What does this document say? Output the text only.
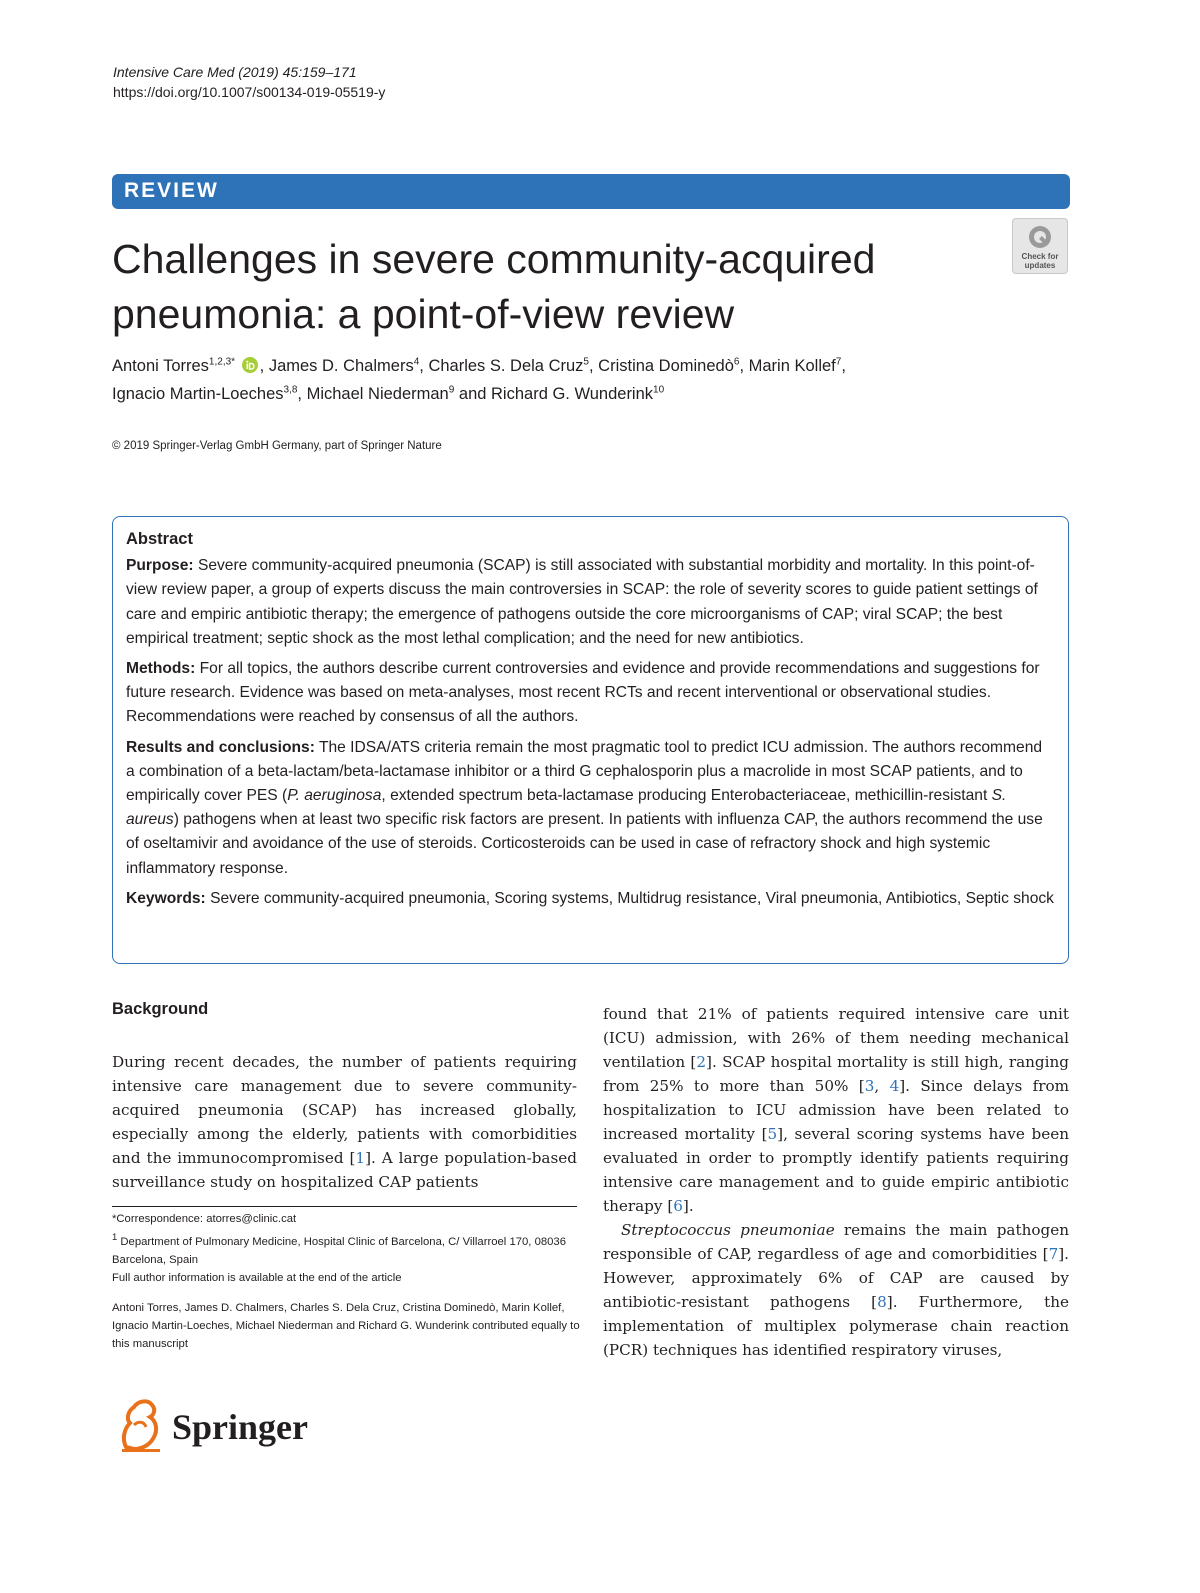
Intensive Care Med (2019) 45:159–171
https://doi.org/10.1007/s00134-019-05519-y
REVIEW
Check for
updates
Challenges in severe community-acquired
pneumonia: a point-of-view review
Antoni Torres$^{1,2,3*}$ , James D. Chalmers$^4$, Charles S. Dela Cruz$^5$, Cristina Dominedò$^6$, Marin Kollef$^7$,
Ignacio Martin-Loeches$^{3,8}$, Michael Niederman$^9$ and Richard G. Wunderink$^{10}$
© 2019 Springer-Verlag GmbH Germany, part of Springer Nature

Abstract

Purpose: Severe community-acquired pneumonia (SCAP) is still associated with substantial morbidity and mortality. In this point-of-view review paper, a group of experts discuss the main controversies in SCAP: the role of severity scores to guide patient settings of care and empiric antibiotic therapy; the emergence of pathogens outside the core microorganisms of CAP; viral SCAP; the best empirical treatment; septic shock as the most lethal complication; and the need for new antibiotics.

Methods: For all topics, the authors describe current controversies and evidence and provide recommendations and suggestions for future research. Evidence was based on meta-analyses, most recent RCTs and recent interventional or observational studies. Recommendations were reached by consensus of all the authors.

Results and conclusions: The IDSA/ATS criteria remain the most pragmatic tool to predict ICU admission. The authors recommend a combination of a beta-lactam/beta-lactamase inhibitor or a third G cephalosporin plus a macrolide in most SCAP patients, and to empirically cover PES (P. aeruginosa, extended spectrum beta-lactamase producing Enterobacteriaceae, methicillin-resistant S. aureus) pathogens when at least two specific risk factors are present. In patients with influenza CAP, the authors recommend the use of oseltamivir and avoidance of the use of steroids. Corticosteroids can be used in case of refractory shock and high systemic inflammatory response.

Keywords: Severe community-acquired pneumonia, Scoring systems, Multidrug resistance, Viral pneumonia, Antibiotics, Septic shock

Background

During recent decades, the number of patients requiring intensive care management due to severe community-acquired pneumonia (SCAP) has increased globally, especially among the elderly, patients with comorbidities and the immunocompromised [1]. A large population-based surveillance study on hospitalized CAP patients

*Correspondence: atorres@clinic.cat

$^1$ Department of Pulmonary Medicine, Hospital Clinic of Barcelona, C/ Villarroel 170, 08036 Barcelona, Spain

Full author information is available at the end of the article

Antoni Torres, James D. Chalmers, Charles S. Dela Cruz, Cristina Dominedò, Marin Kollef, Ignacio Martin-Loeches, Michael Niederman and Richard G. Wunderink contributed equally to this manuscript

found that 21% of patients required intensive care unit (ICU) admission, with 26% of them needing mechanical ventilation [2]. SCAP hospital mortality is still high, ranging from 25% to more than 50% [3, 4]. Since delays from hospitalization to ICU admission have been related to increased mortality [5], several scoring systems have been evaluated in order to promptly identify patients requiring intensive care management and to guide empiric antibiotic therapy [6].

Streptococcus pneumoniae remains the main pathogen responsible of CAP, regardless of age and comorbidities [7]. However, approximately 6% of CAP are caused by antibiotic-resistant pathogens [8]. Furthermore, the implementation of multiplex polymerase chain reaction (PCR) techniques has identified respiratory viruses,

Springer
